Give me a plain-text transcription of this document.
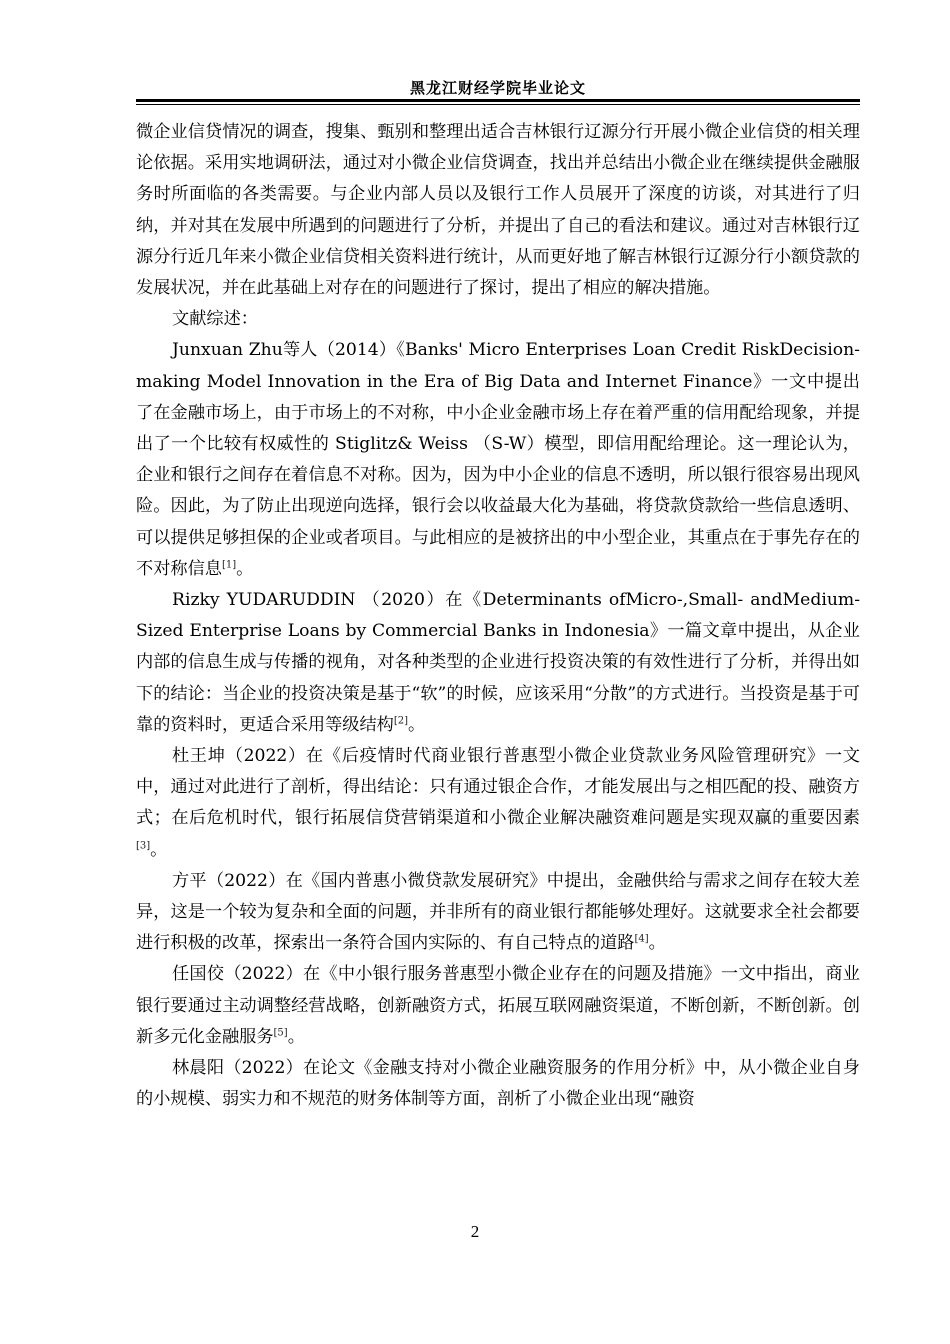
黑龙江财经学院毕业论文

微企业信贷情况的调查，搜集、甄别和整理出适合吉林银行辽源分行开展小微企业信贷的相关理论依据。采用实地调研法，通过对小微企业信贷调查，找出并总结出小微企业在继续提供金融服务时所面临的各类需要。与企业内部人员以及银行工作人员展开了深度的访谈，对其进行了归纳，并对其在发展中所遇到的问题进行了分析，并提出了自己的看法和建议。通过对吉林银行辽源分行近几年来小微企业信贷相关资料进行统计，从而更好地了解吉林银行辽源分行小额贷款的发展状况，并在此基础上对存在的问题进行了探讨，提出了相应的解决措施。

文献综述：

Junxuan Zhu等人（2014）《Banks' Micro Enterprises Loan Credit RiskDecision-making Model Innovation in the Era of Big Data and Internet Finance》一文中提出了在金融市场上，由于市场上的不对称，中小企业金融市场上存在着严重的信用配给现象，并提出了一个比较有权威性的 Stiglitz& Weiss （S-W）模型，即信用配给理论。这一理论认为，企业和银行之间存在着信息不对称。因为，因为中小企业的信息不透明，所以银行很容易出现风险。因此，为了防止出现逆向选择，银行会以收益最大化为基础，将贷款贷款给一些信息透明、可以提供足够担保的企业或者项目。与此相应的是被挤出的中小型企业，其重点在于事先存在的不对称信息[1]。

Rizky YUDARUDDIN （2020）在《Determinants ofMicro-,Small- andMedium-Sized Enterprise Loans by Commercial Banks in Indonesia》一篇文章中提出，从企业内部的信息生成与传播的视角，对各种类型的企业进行投资决策的有效性进行了分析，并得出如下的结论：当企业的投资决策是基于“软”的时候，应该采用“分散”的方式进行。当投资是基于可靠的资料时，更适合采用等级结构[2]。

杜王坤（2022）在《后疫情时代商业银行普惠型小微企业贷款业务风险管理研究》一文中，通过对此进行了剖析，得出结论：只有通过银企合作，才能发展出与之相匹配的投、融资方式；在后危机时代，银行拓展信贷营销渠道和小微企业解决融资难问题是实现双赢的重要因素[3]。

方平（2022）在《国内普惠小微贷款发展研究》中提出，金融供给与需求之间存在较大差异，这是一个较为复杂和全面的问题，并非所有的商业银行都能够处理好。这就要求全社会都要进行积极的改革，探索出一条符合国内实际的、有自己特点的道路[4]。

任国佼（2022）在《中小银行服务普惠型小微企业存在的问题及措施》一文中指出，商业银行要通过主动调整经营战略，创新融资方式，拓展互联网融资渠道，不断创新，不断创新。创新多元化金融服务[5]。

林晨阳（2022）在论文《金融支持对小微企业融资服务的作用分析》中，从小微企业自身的小规模、弱实力和不规范的财务体制等方面，剖析了小微企业出现“融资

2
